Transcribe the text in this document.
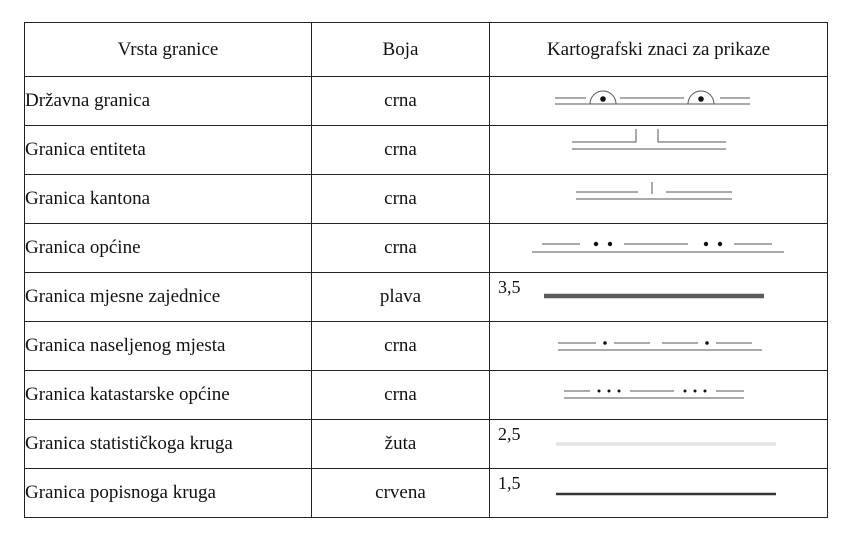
Vrsta granice	Boja	Kartografski znaci za prikaze
Državna granica	crna	

Granica entiteta	crna	

Granica kantona	crna	

Granica općine	crna	

Granica mjesne zajednice	plava	3,5

Granica naseljenog mjesta	crna	

Granica katastarske općine	crna	

Granica statističkoga kruga	žuta	2,5

Granica popisnoga kruga	crvena	1,5
